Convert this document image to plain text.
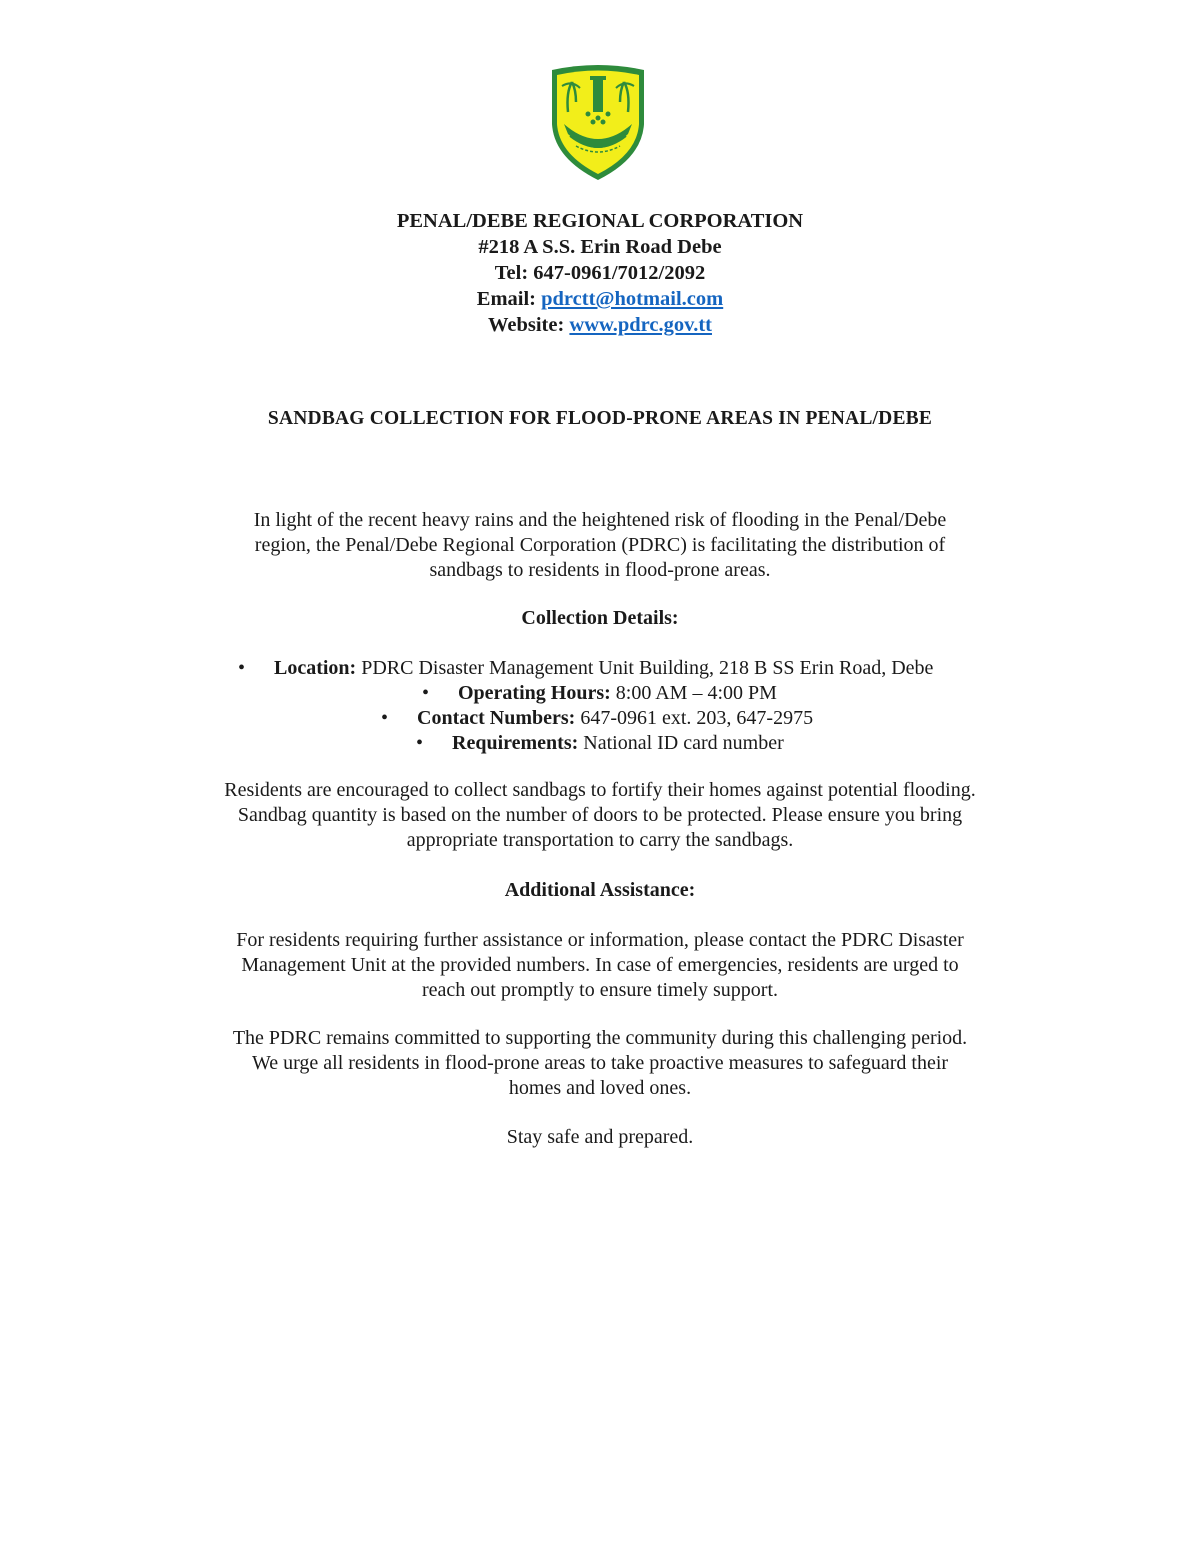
PENAL/DEBE REGIONAL CORPORATION
#218 A S.S. Erin Road Debe
Tel: 647-0961/7012/2092
Email: pdrctt@hotmail.com
Website: www.pdrc.gov.tt
SANDBAG COLLECTION FOR FLOOD-PRONE AREAS IN PENAL/DEBE

In light of the recent heavy rains and the heightened risk of flooding in the Penal/Debe
region, the Penal/Debe Regional Corporation (PDRC) is facilitating the distribution of
sandbags to residents in flood-prone areas.

Collection Details:
• Location: PDRC Disaster Management Unit Building, 218 B SS Erin Road, Debe
• Operating Hours: 8:00 AM – 4:00 PM
• Contact Numbers: 647-0961 ext. 203, 647-2975
• Requirements: National ID card number

Residents are encouraged to collect sandbags to fortify their homes against potential flooding.
Sandbag quantity is based on the number of doors to be protected. Please ensure you bring
appropriate transportation to carry the sandbags.

Additional Assistance:

For residents requiring further assistance or information, please contact the PDRC Disaster
Management Unit at the provided numbers. In case of emergencies, residents are urged to
reach out promptly to ensure timely support.

The PDRC remains committed to supporting the community during this challenging period.
We urge all residents in flood-prone areas to take proactive measures to safeguard their
homes and loved ones.

Stay safe and prepared.
